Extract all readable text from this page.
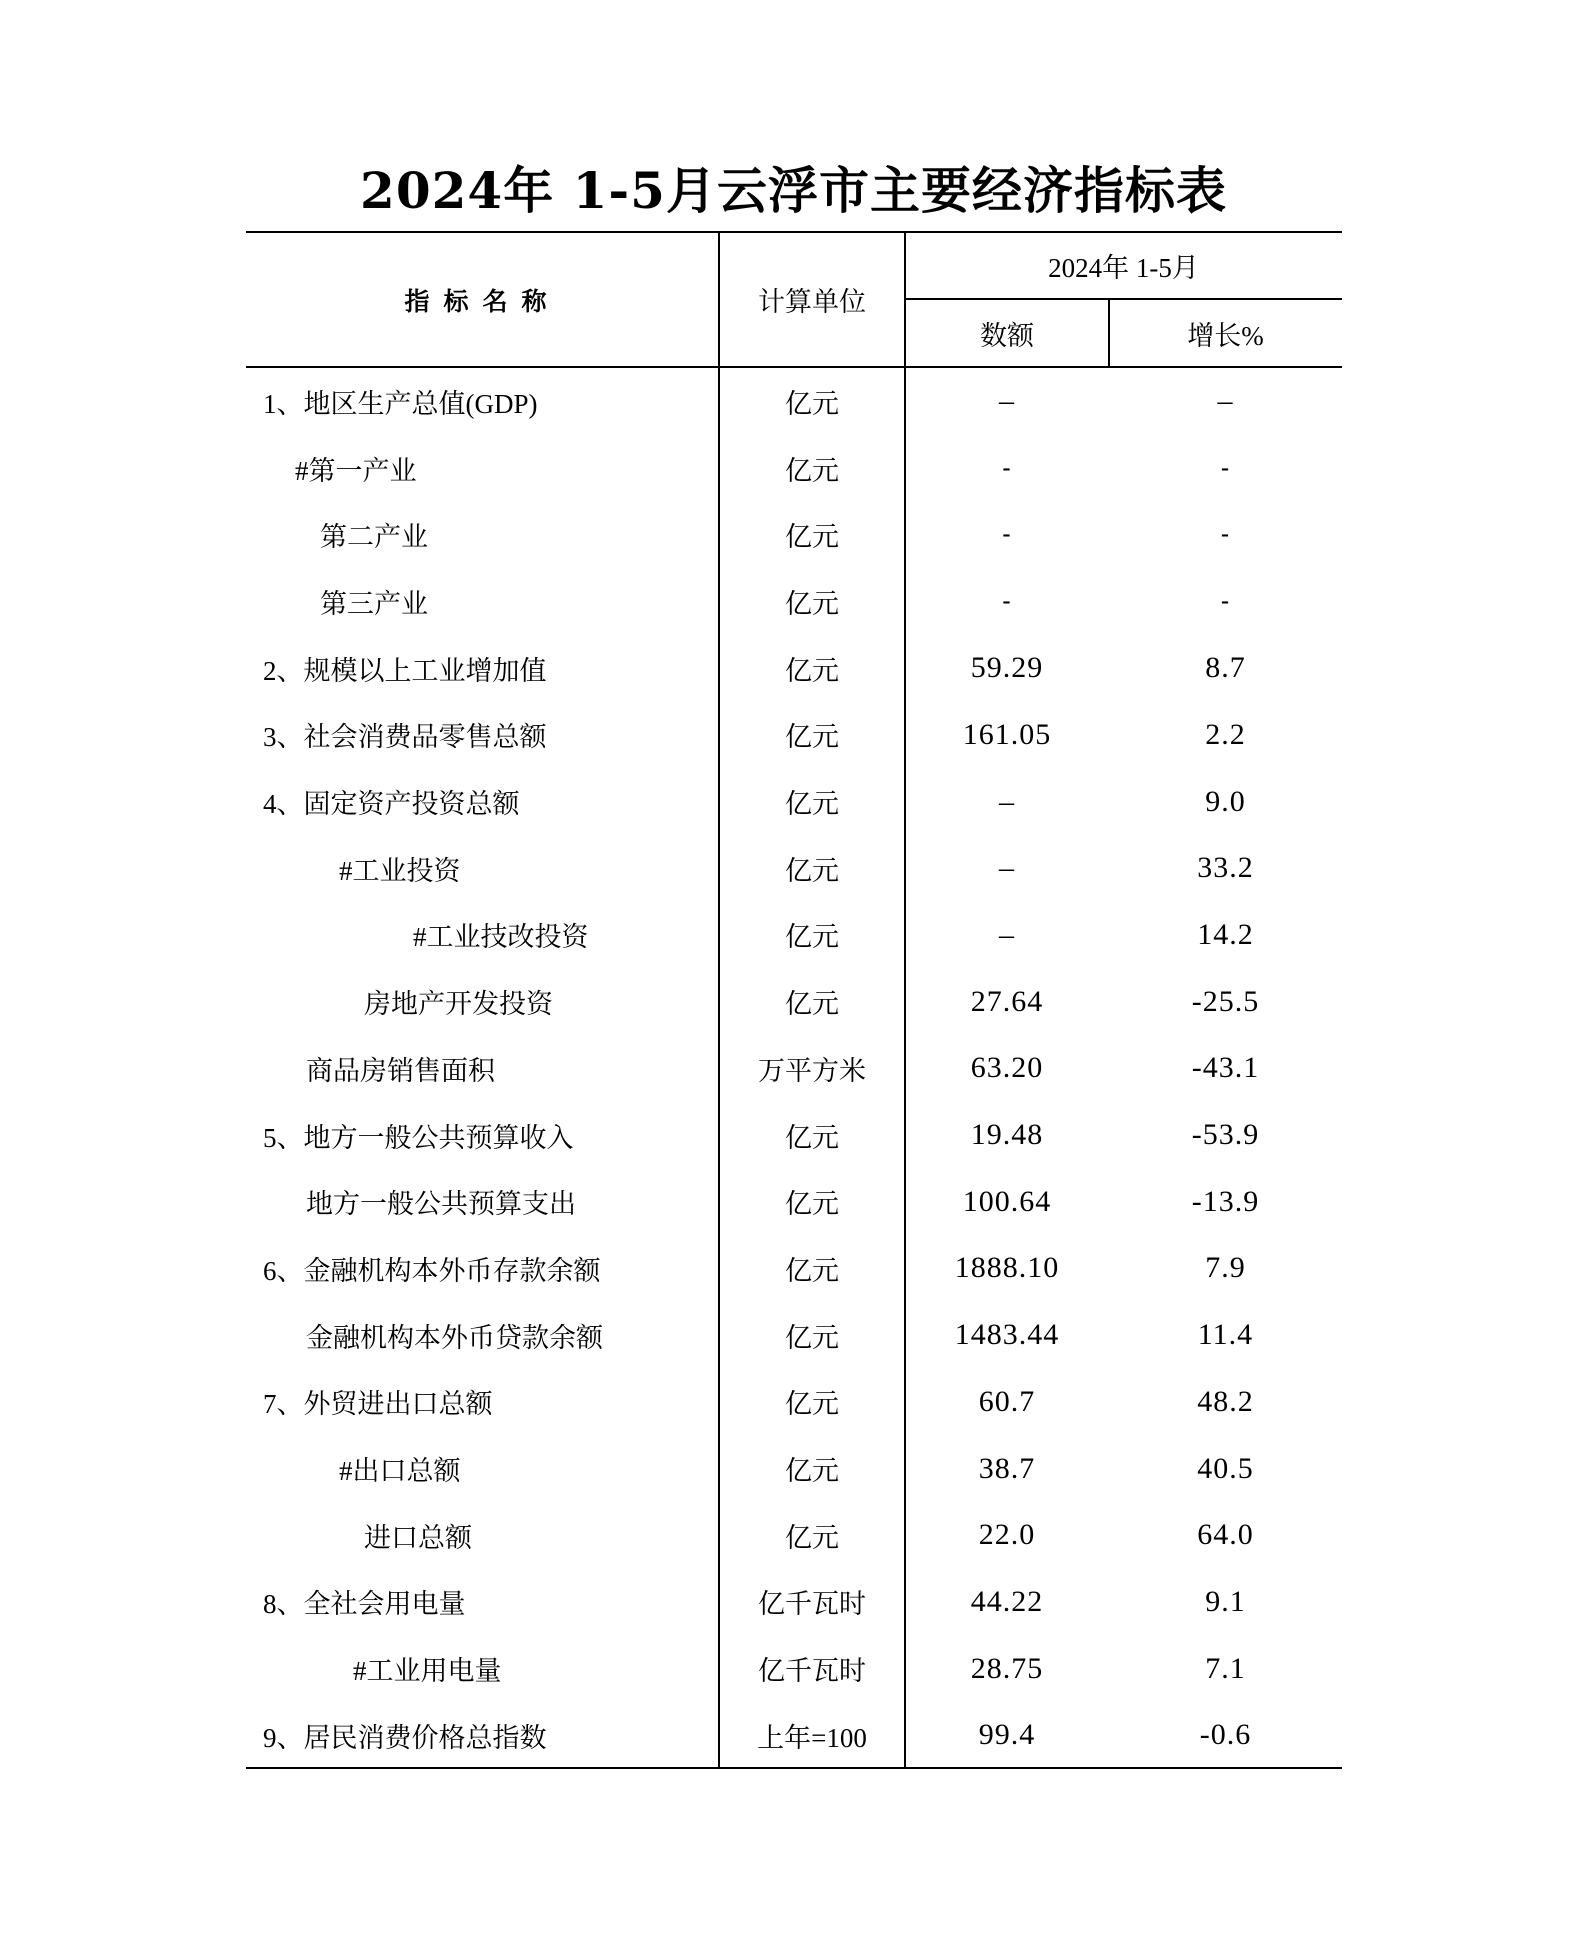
2024年 1-5月云浮市主要经济指标表
指标名称	计算单位
2024年 1-5月
数额	增长%
1、地区生产总值(GDP)	亿元	–	–
#第一产业	亿元	-	-
第二产业	亿元	-	-
第三产业	亿元	-	-
2、规模以上工业增加值	亿元	59.29	8.7
3、社会消费品零售总额	亿元	161.05	2.2
4、固定资产投资总额	亿元	–	9.0
#工业投资	亿元	–	33.2
#工业技改投资	亿元	–	14.2
房地产开发投资	亿元	27.64	-25.5
商品房销售面积	万平方米	63.20	-43.1
5、地方一般公共预算收入	亿元	19.48	-53.9
地方一般公共预算支出	亿元	100.64	-13.9
6、金融机构本外币存款余额	亿元	1888.10	7.9
金融机构本外币贷款余额	亿元	1483.44	11.4
7、外贸进出口总额	亿元	60.7	48.2
#出口总额	亿元	38.7	40.5
进口总额	亿元	22.0	64.0
8、全社会用电量	亿千瓦时	44.22	9.1
#工业用电量	亿千瓦时	28.75	7.1
9、居民消费价格总指数	上年=100	99.4	-0.6
